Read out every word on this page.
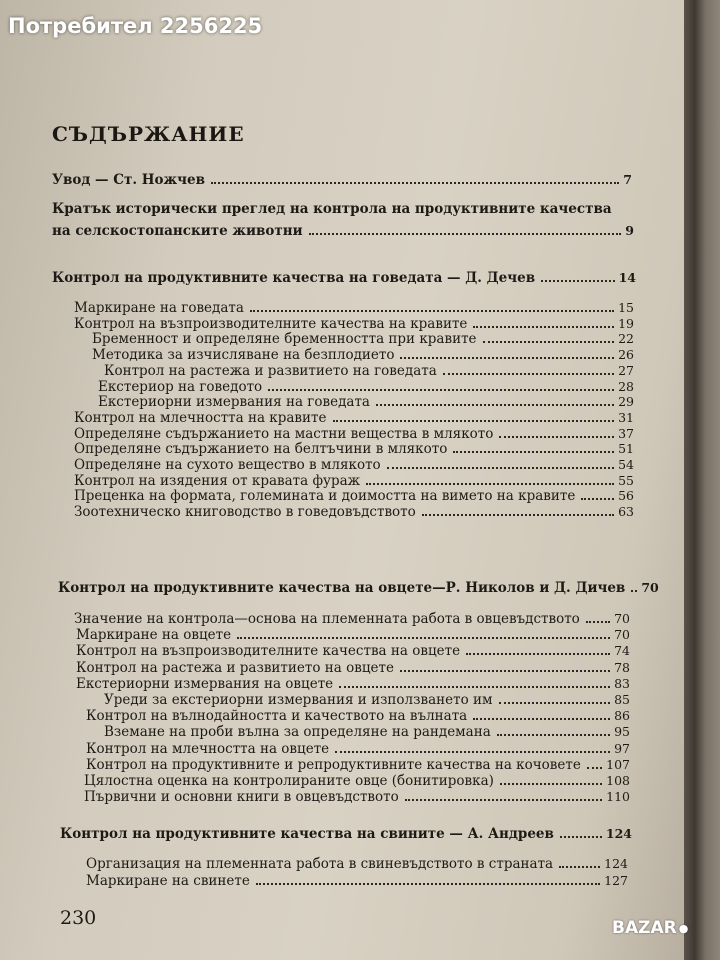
Потребител 2256225
СЪДЪРЖАНИЕ
Увод — Ст. Ножчев	7
Кратък исторически преглед на контрола на продуктивните качества
на селскостопанските животни	9
Контрол на продуктивните качества на говедата — Д. Дечев	14
Маркиране на говедата	15
Контрол на възпроизводителните качества на кравите	19
Бременност и определяне бременността при кравите	22
Методика за изчисляване на безплодието	26
Контрол на растежа и развитието на говедата	27
Екстериор на говедото	28
Екстериорни измервания на говедата	29
Контрол на млечността на кравите	31
Определяне съдържанието на мастни вещества в млякото	37
Определяне съдържанието на белтъчини в млякото	51
Определяне на сухото вещество в млякото	54
Контрол на изядения от кравата фураж	55
Преценка на формата, големината и доимостта на вимето на кравите	56
Зоотехническо книговодство в говедовъдството	63
Контрол на продуктивните качества на овцете—Р. Николов и Д. Дичев 70
Значение на контрола—основа на племенната работа в овцевъдството	70
Маркиране на овцете	70
Контрол на възпроизводителните качества на овцете	74
Контрол на растежа и развитието на овцете	78
Екстериорни измервания на овцете	83
Уреди за екстериорни измервания и използването им	85
Контрол на вълнодайността и качеството на вълната	86
Вземане на проби вълна за определяне на рандемана	95
Контрол на млечността на овцете	97
Контрол на продуктивните и репродуктивните качества на кочовете 107
Цялостна оценка на контролираните овце (бонитировка)	108
Първични и основни книги в овцевъдството	110
Контрол на продуктивните качества на свините — А. Андреев	124
Организация на племенната работа в свиневъдството в страната	124
Маркиране на свинете	127
230	BAZAR ●
